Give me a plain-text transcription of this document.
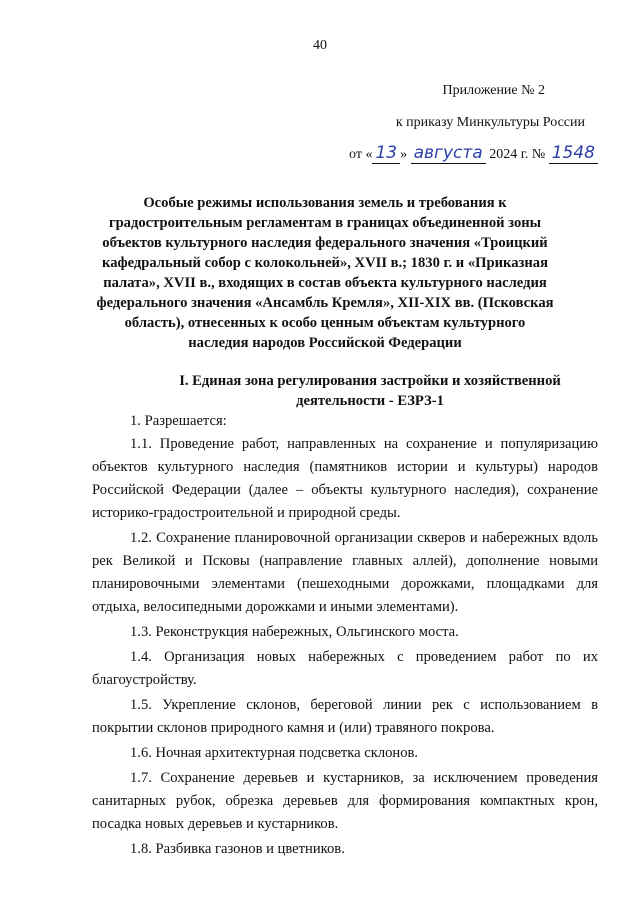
40
Приложение № 2
к приказу Минкультуры России
от « 13 » августа 2024 г. № 1548

Особые режимы использования земель и требования к градостроительным регламентам в границах объединенной зоны объектов культурного наследия федерального значения «Троицкий кафедральный собор с колокольней», XVII в.; 1830 г. и «Приказная палата», XVII в., входящих в состав объекта культурного наследия федерального значения «Ансамбль Кремля», XII-XIX вв. (Псковская область), отнесенных к особо ценным объектам культурного наследия народов Российской Федерации

I. Единая зона регулирования застройки и хозяйственной деятельности - ЕЗРЗ-1

1. Разрешается:

1.1. Проведение работ, направленных на сохранение и популяризацию объектов культурного наследия (памятников истории и культуры) народов Российской Федерации (далее – объекты культурного наследия), сохранение историко-градостроительной и природной среды.

1.2. Сохранение планировочной организации скверов и набережных вдоль рек Великой и Псковы (направление главных аллей), дополнение новыми планировочными элементами (пешеходными дорожками, площадками для отдыха, велосипедными дорожками и иными элементами).

1.3. Реконструкция набережных, Ольгинского моста.

1.4. Организация новых набережных с проведением работ по их благоустройству.

1.5. Укрепление склонов, береговой линии рек с использованием в покрытии склонов природного камня и (или) травяного покрова.

1.6. Ночная архитектурная подсветка склонов.

1.7. Сохранение деревьев и кустарников, за исключением проведения санитарных рубок, обрезка деревьев для формирования компактных крон, посадка новых деревьев и кустарников.

1.8. Разбивка газонов и цветников.
